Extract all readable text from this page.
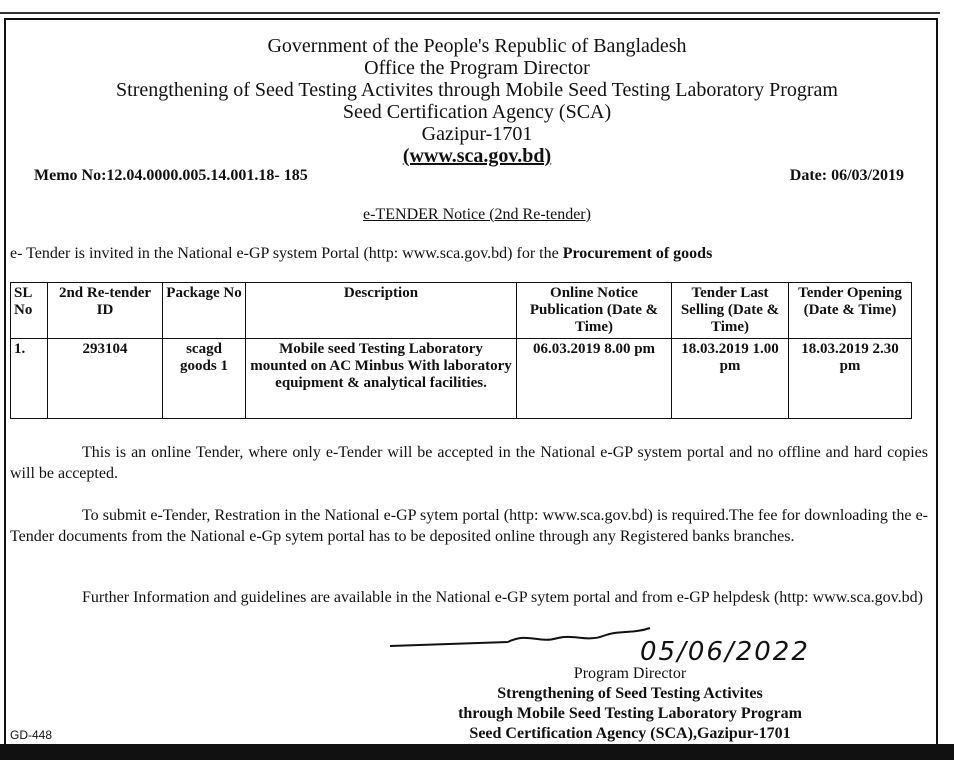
Government of the People's Republic of Bangladesh
Office the Program Director
Strengthening of Seed Testing Activites through Mobile Seed Testing Laboratory Program
Seed Certification Agency (SCA)
Gazipur-1701
(www.sca.gov.bd)
Memo No:12.04.0000.005.14.001.18- 185	Date: 06/03/2019
e-TENDER Notice (2nd Re-tender)
e- Tender is invited in the National e-GP system Portal (http: www.sca.gov.bd) for the Procurement of goods
SL No	2nd Re-tender ID	Package No	Description	Online Notice Publication (Date & Time)	Tender Last Selling (Date & Time)	Tender Opening (Date & Time)
1.	293104	scagd goods 1	Mobile seed Testing Laboratory mounted on AC Minbus With laboratory equipment & analytical facilities.	06.03.2019 8.00 pm	18.03.2019 1.00 pm	18.03.2019 2.30 pm
This is an online Tender, where only e-Tender will be accepted in the National e-GP system portal and no offline and hard copies will be accepted.
To submit e-Tender, Restration in the National e-GP sytem portal (http: www.sca.gov.bd) is required.The fee for downloading the e-Tender documents from the National e-Gp sytem portal has to be deposited online through any Registered banks branches.
Further Information and guidelines are available in the National e-GP sytem portal and from e-GP helpdesk (http: www.sca.gov.bd)
05/06/2022
Program Director
Strengthening of Seed Testing Activites
through Mobile Seed Testing Laboratory Program
Seed Certification Agency (SCA),Gazipur-1701
GD-448
